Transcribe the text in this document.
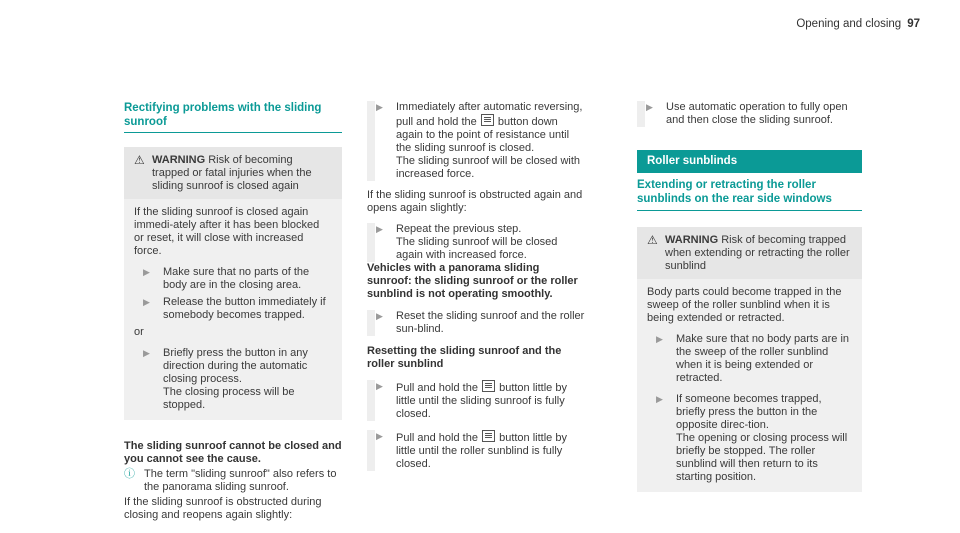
Opening and closing 97
Rectifying problems with the sliding sunroof
⚠ WARNING Risk of becoming trapped or fatal injuries when the sliding sunroof is closed again

If the sliding sunroof is closed again immedi-ately after it has been blocked or reset, it will close with increased force.

▶	Make sure that no parts of the body are in the closing area.
▶	Release the button immediately if somebody becomes trapped.

or

▶	Briefly press the button in any direction during the automatic closing process.
The closing process will be stopped.

The sliding sunroof cannot be closed and you cannot see the cause.

ⓘ The term "sliding sunroof" also refers to the panorama sliding sunroof.

If the sliding sunroof is obstructed during closing and reopens again slightly:

▶	Immediately after automatic reversing, pull and hold the button down again to the point of resistance until the sliding sunroof is closed.
The sliding sunroof will be closed with increased force.

If the sliding sunroof is obstructed again and opens again slightly:

▶	Repeat the previous step.
The sliding sunroof will be closed again with increased force.

Vehicles with a panorama sliding sunroof: the sliding sunroof or the roller sunblind is not operating smoothly.

▶	Reset the sliding sunroof and the roller sun-blind.

Resetting the sliding sunroof and the roller sunblind

▶	Pull and hold the button little by little until the sliding sunroof is fully closed.
▶	Pull and hold the button little by little until the roller sunblind is fully closed.
▶	Use automatic operation to fully open and then close the sliding sunroof.
Roller sunblinds
Extending or retracting the roller sunblinds on the rear side windows
⚠ WARNING Risk of becoming trapped when extending or retracting the roller sunblind

Body parts could become trapped in the sweep of the roller sunblind when it is being extended or retracted.

▶	Make sure that no body parts are in the sweep of the roller sunblind when it is being extended or retracted.
▶	If someone becomes trapped, briefly press the button in the opposite direc-tion.
The opening or closing process will briefly be stopped. The roller sunblind will then return to its starting position.
